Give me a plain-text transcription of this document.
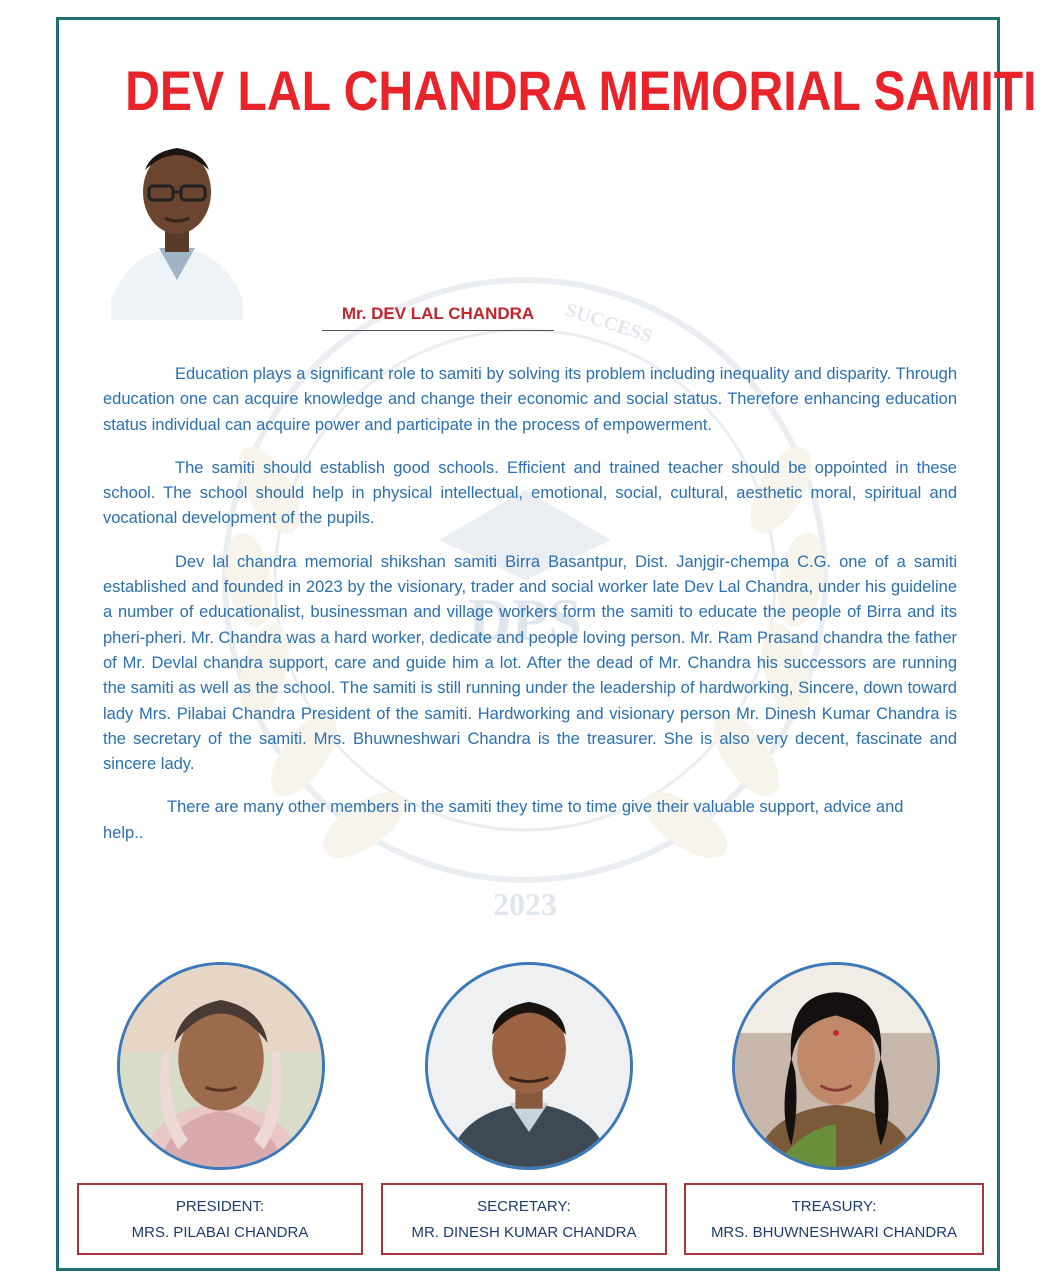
SUCCESS
DPS
2023
DEV LAL CHANDRA MEMORIAL SAMITI
Mr. DEV LAL CHANDRA

Education plays a significant role to samiti by solving its problem including inequality and disparity. Through education one can acquire knowledge and change their economic and social status. Therefore enhancing education status individual can acquire power and participate in the process of empowerment.

The samiti should establish good schools. Efficient and trained teacher should be oppointed in these school. The school should help in physical intellectual, emotional, social, cultural, aesthetic moral, spiritual and vocational development of the pupils.

Dev lal chandra memorial shikshan samiti Birra Basantpur, Dist. Janjgir-chempa C.G. one of a samiti established and founded in 2023 by the visionary, trader and social worker late Dev Lal Chandra, under his guideline a number of educationalist, businessman and village workers form the samiti to educate the people of Birra and its pheri-pheri. Mr. Chandra was a hard worker, dedicate and people loving person. Mr. Ram Prasand chandra the father of Mr. Devlal chandra support, care and guide him a lot. After the dead of Mr. Chandra his successors are running the samiti as well as the school. The samiti is still running under the leadership of hardworking, Sincere, down toward lady Mrs. Pilabai Chandra President of the samiti. Hardworking and visionary person Mr. Dinesh Kumar Chandra is the secretary of the samiti. Mrs. Bhuwneshwari Chandra is the treasurer. She is also very decent, fascinate and sincere lady.

There are many other members in the samiti they time to time give their valuable support, advice and help..

PRESIDENT:
MRS. PILABAI CHANDRA
SECRETARY:
MR. DINESH KUMAR CHANDRA
TREASURY:
MRS. BHUWNESHWARI CHANDRA
